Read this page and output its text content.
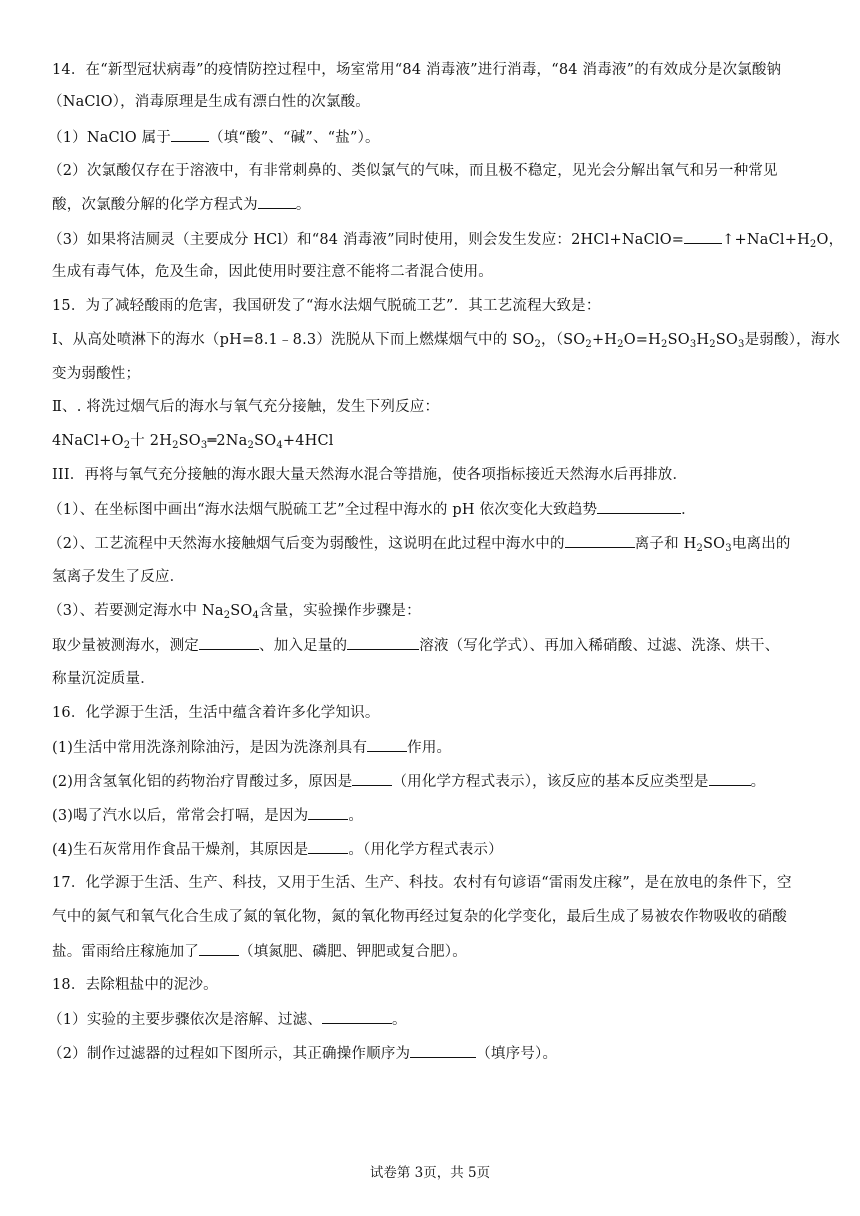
14．在“新型冠状病毒”的疫情防控过程中，场室常用“84 消毒液”进行消毒，“84 消毒液”的有效成分是次氯酸钠
（NaClO），消毒原理是生成有漂白性的次氯酸。
（1）NaClO 属于	（填“酸”、“碱”、“盐”）。
（2）次氯酸仅存在于溶液中，有非常刺鼻的、类似氯气的气味，而且极不稳定，见光会分解出氧气和另一种常见
酸，次氯酸分解的化学方程式为	。
（3）如果将洁厕灵（主要成分 HCl）和“84 消毒液”同时使用，则会发生发应：2HCl+NaClO=	$↑+NaCl+H_2O$，
生成有毒气体，危及生命，因此使用时要注意不能将二者混合使用。
15．为了减轻酸雨的危害，我国研发了“海水法烟气脱硫工艺”．其工艺流程大致是：
I、从高处喷淋下的海水（pH=8.1﹣8.3）洗脱从下而上燃煤烟气中的 $SO_2$，（$SO_2+H_2O=H_2SO_3H_2SO_3$是弱酸），海水
变为弱酸性；
Ⅱ、. 将洗过烟气后的海水与氧气充分接触，发生下列反应：
$4NaCl+O_2$十 $2H_2SO_3═2Na_2SO_4+4HCl$
III．再将与氧气充分接触的海水跟大量天然海水混合等措施，使各项指标接近天然海水后再排放．
（1）、在坐标图中画出“海水法烟气脱硫工艺”全过程中海水的 pH 依次变化大致趋势	．
（2）、工艺流程中天然海水接触烟气后变为弱酸性，这说明在此过程中海水中的	离子和 $H_2SO_3$电离出的
氢离子发生了反应．
（3）、若要测定海水中 $Na_2SO_4$含量，实验操作步骤是：
取少量被测海水，测定	、加入足量的	溶液（写化学式）、再加入稀硝酸、过滤、洗涤、烘干、
称量沉淀质量．
16．化学源于生活，生活中蕴含着许多化学知识。
(1)生活中常用洗涤剂除油污，是因为洗涤剂具有	作用。
(2)用含氢氧化铝的药物治疗胃酸过多，原因是	（用化学方程式表示），该反应的基本反应类型是	。
(3)喝了汽水以后，常常会打嗝，是因为	。
(4)生石灰常用作食品干燥剂，其原因是	。（用化学方程式表示）
17．化学源于生活、生产、科技，又用于生活、生产、科技。农村有句谚语“雷雨发庄稼”，是在放电的条件下，空
气中的氮气和氧气化合生成了氮的氧化物，氮的氧化物再经过复杂的化学变化，最后生成了易被农作物吸收的硝酸
盐。雷雨给庄稼施加了	（填氮肥、磷肥、钾肥或复合肥）。
18．去除粗盐中的泥沙。
（1）实验的主要步骤依次是溶解、过滤、	。
（2）制作过滤器的过程如下图所示，其正确操作顺序为	（填序号）。
试卷第 3页，共 5页
